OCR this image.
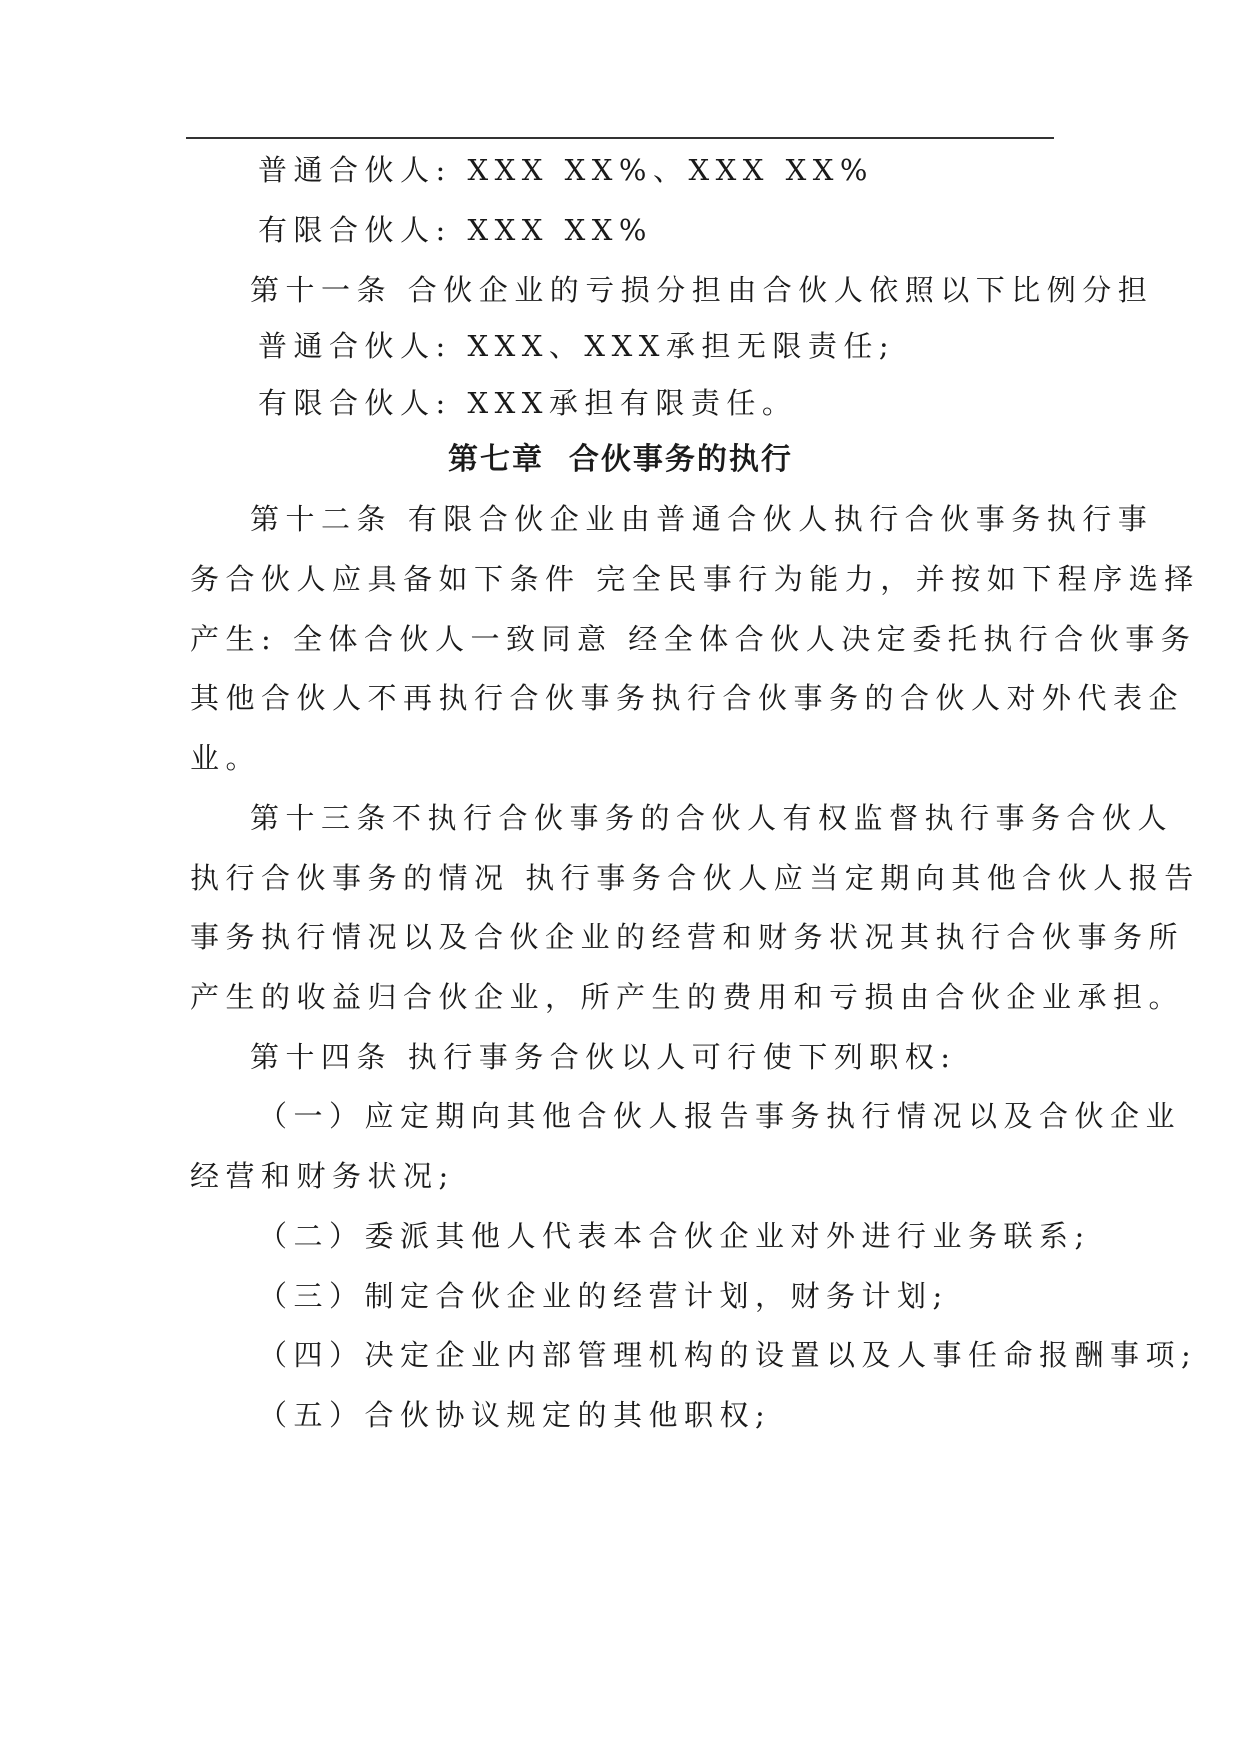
普通合伙人: XXX XX%、XXX XX%
有限合伙人: XXX XX%
第十一条 合伙企业的亏损分担由合伙人依照以下比例分担
普通合伙人: XXX、XXX承担无限责任;
有限合伙人: XXX承担有限责任。
第七章  合伙事务的执行
第十二条 有限合伙企业由普通合伙人执行合伙事务执行事
务合伙人应具备如下条件 完全民事行为能力，并按如下程序选择
产生: 全体合伙人一致同意 经全体合伙人决定委托执行合伙事务
其他合伙人不再执行合伙事务执行合伙事务的合伙人对外代表企
业。
第十三条不执行合伙事务的合伙人有权监督执行事务合伙人
执行合伙事务的情况 执行事务合伙人应当定期向其他合伙人报告
事务执行情况以及合伙企业的经营和财务状况其执行合伙事务所
产生的收益归合伙企业，所产生的费用和亏损由合伙企业承担。
第十四条 执行事务合伙以人可行使下列职权:
（一）应定期向其他合伙人报告事务执行情况以及合伙企业
经营和财务状况;
（二）委派其他人代表本合伙企业对外进行业务联系;
（三）制定合伙企业的经营计划，财务计划;
（四）决定企业内部管理机构的设置以及人事任命报酬事项;
（五）合伙协议规定的其他职权;
